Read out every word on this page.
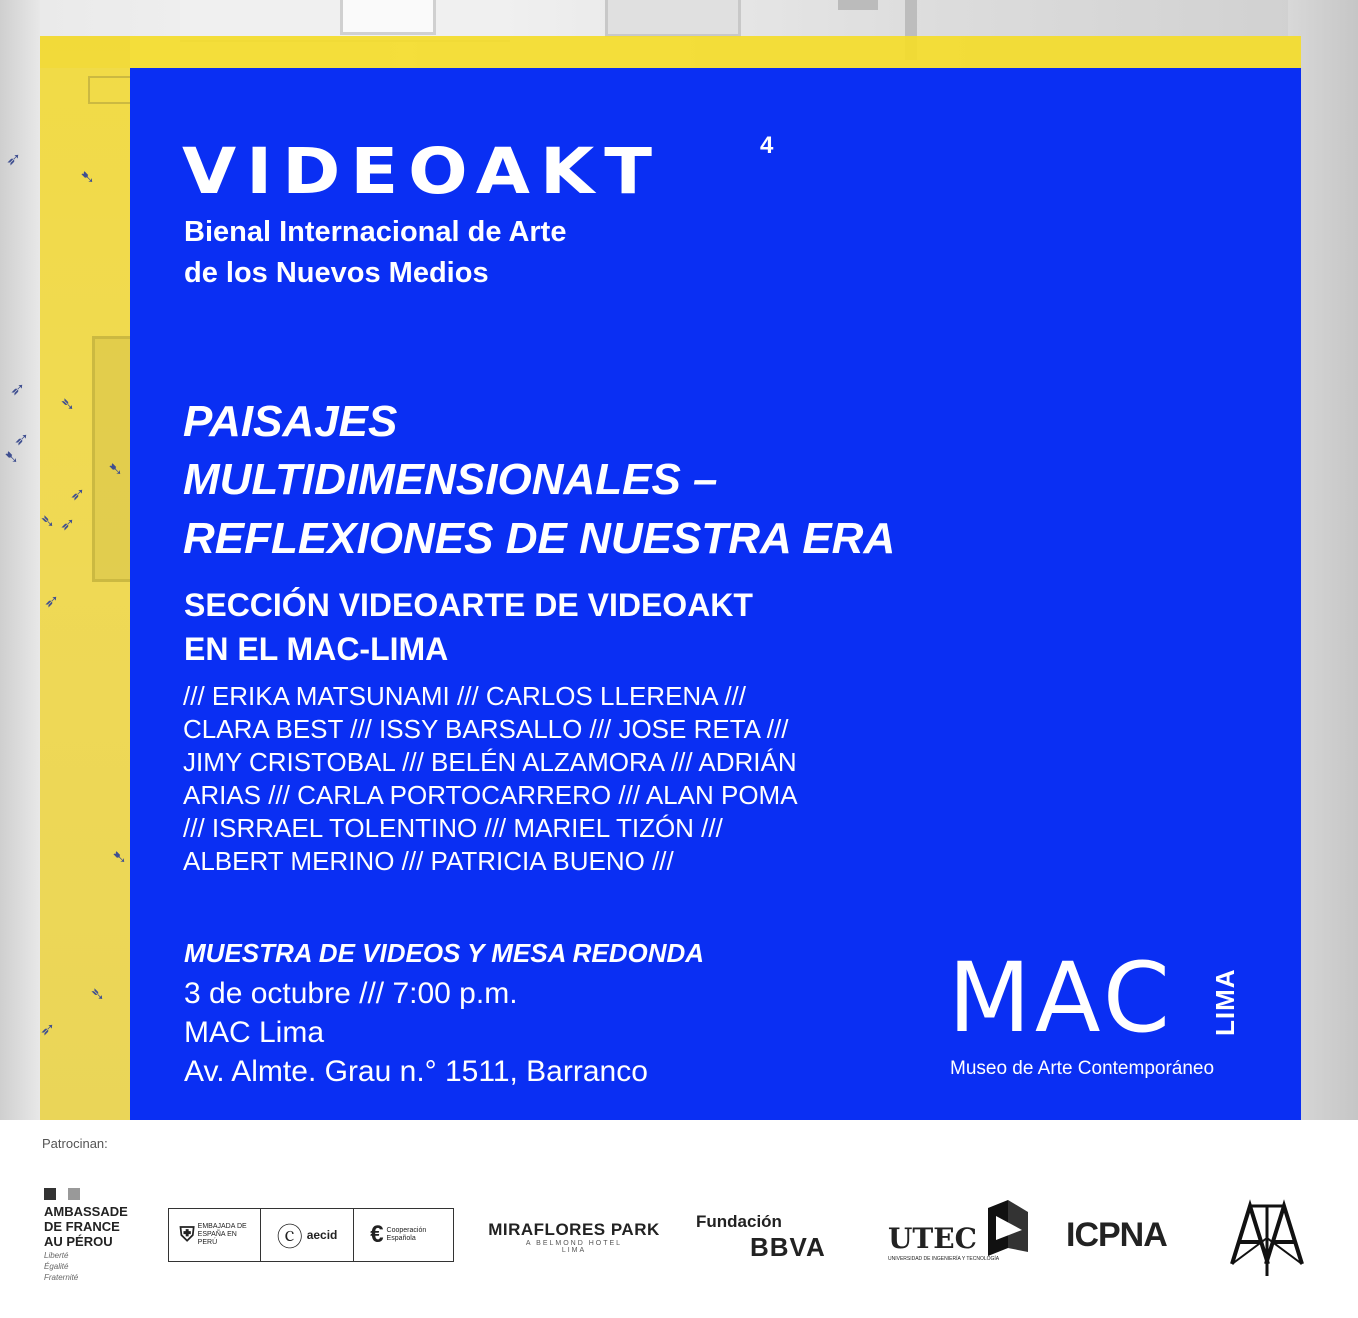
➶
➷
➶
➴
➶
➷
➶
➴ ➶
➷
➶
➴
➶
➷
VIDEOAKT	4
Bienal Internacional de Arte
de los Nuevos Medios
PAISAJES
MULTIDIMENSIONALES –
REFLEXIONES DE NUESTRA ERA
SECCIÓN VIDEOARTE DE VIDEOAKT
EN EL MAC-LIMA
/// ERIKA MATSUNAMI /// CARLOS LLERENA ///
CLARA BEST /// ISSY BARSALLO /// JOSE RETA ///
JIMY CRISTOBAL /// BELÉN ALZAMORA /// ADRIÁN
ARIAS /// CARLA PORTOCARRERO /// ALAN POMA
/// ISRRAEL TOLENTINO /// MARIEL TIZÓN ///
ALBERT MERINO /// PATRICIA BUENO ///
MUESTRA DE VIDEOS Y MESA REDONDA
3 de octubre /// 7:00 p.m.
MAC Lima
Av. Almte. Grau n.° 1511, Barranco
MAC LIMA
Museo de Arte Contemporáneo
Patrocinan:
AMBASSADE
DE FRANCE
AU PÉROU
Liberté
Égalité
Fraternité
⛨ EMBAJADA DE ESPAÑA EN PERÚ	ⓒ aecid € Cooperación Española	MIRAFLORES PARK
A BELMOND HOTEL
LIMA
Fundación
BBVA UTEC
UNIVERSIDAD DE INGENIERÍA Y TECNOLOGÍA
ICPNA
